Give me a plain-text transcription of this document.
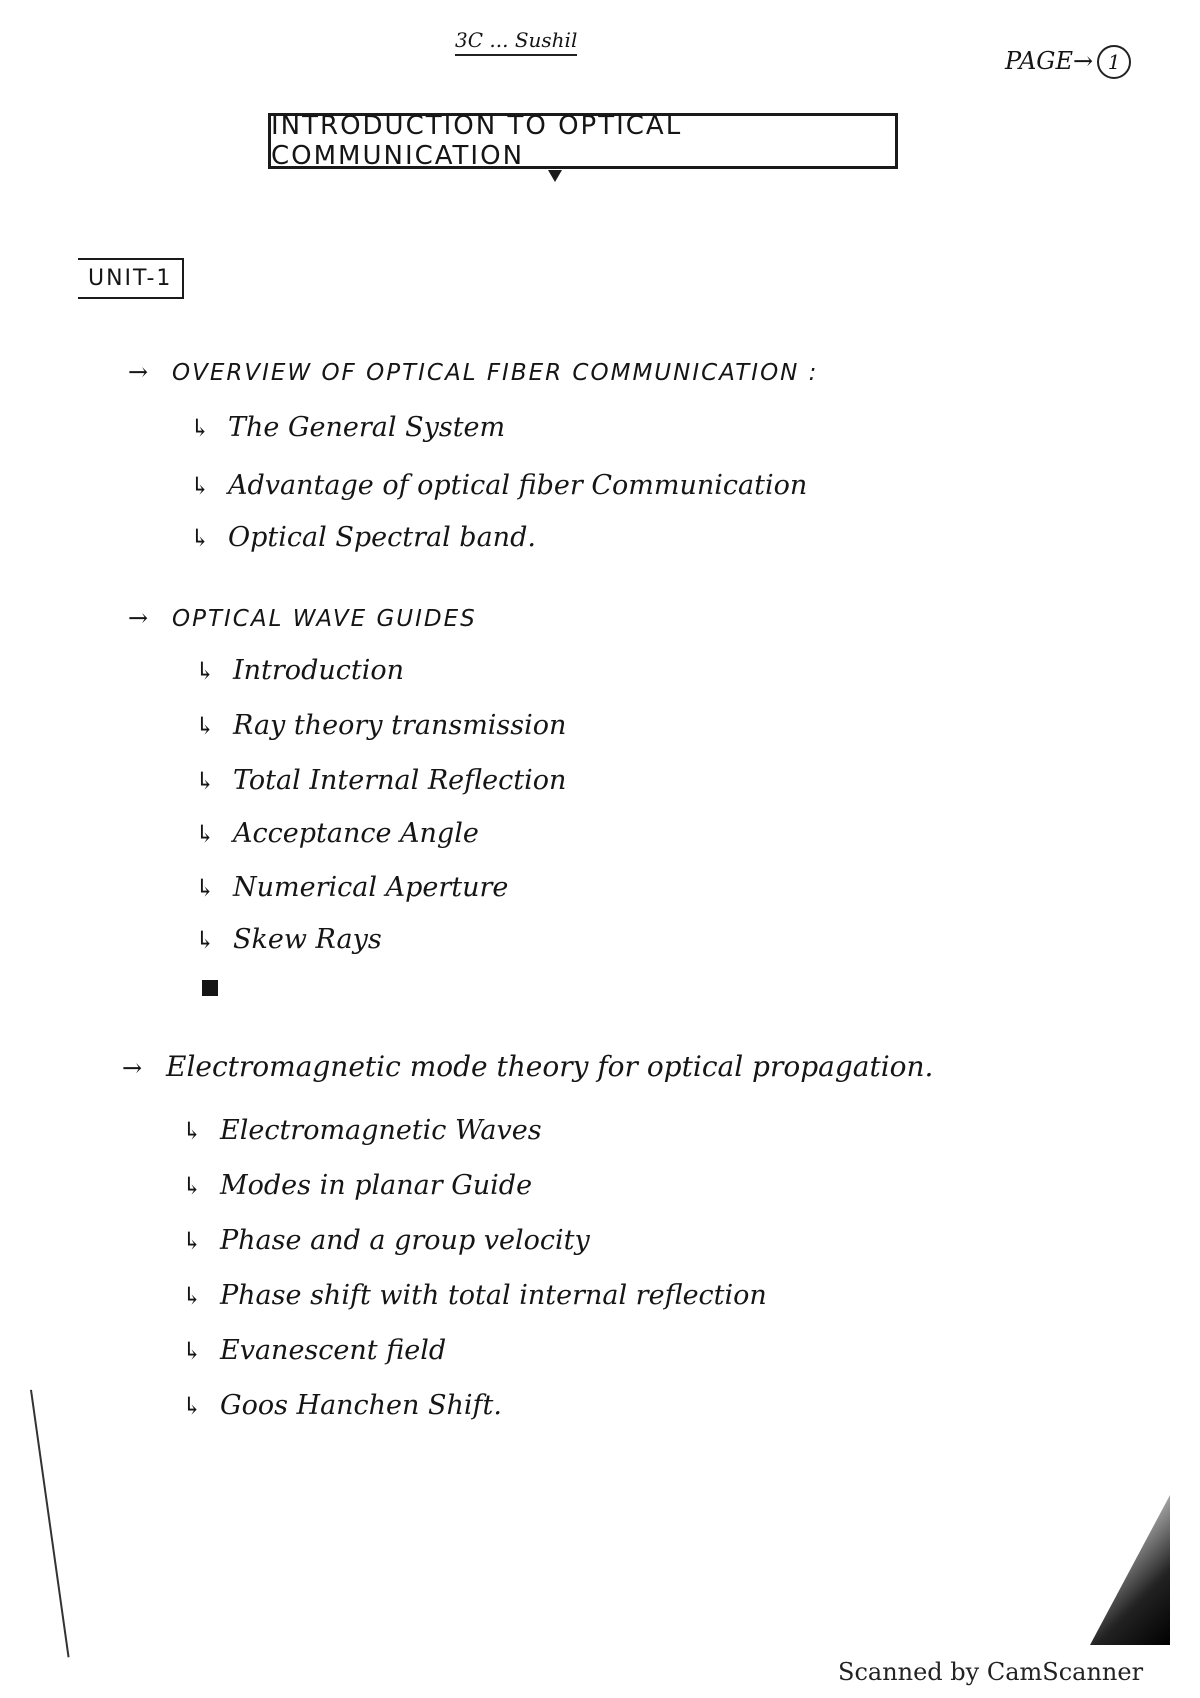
3C ... Sushil
PAGE→ 1
INTRODUCTION TO OPTICAL COMMUNICATION
UNIT-1
→ OVERVIEW OF OPTICAL FIBER COMMUNICATION :
↳ The General System
↳ Advantage of optical fiber Communication
↳ Optical Spectral band.
→ OPTICAL WAVE GUIDES
↳ Introduction
↳ Ray theory transmission
↳ Total Internal Reflection
↳ Acceptance Angle
↳ Numerical Aperture
↳ Skew Rays
→ Electromagnetic mode theory for optical propagation.
↳ Electromagnetic Waves
↳ Modes in planar Guide
↳ Phase and a group velocity
↳ Phase shift with total internal reflection
↳ Evanescent field
↳ Goos Hanchen Shift.
Scanned by CamScanner
